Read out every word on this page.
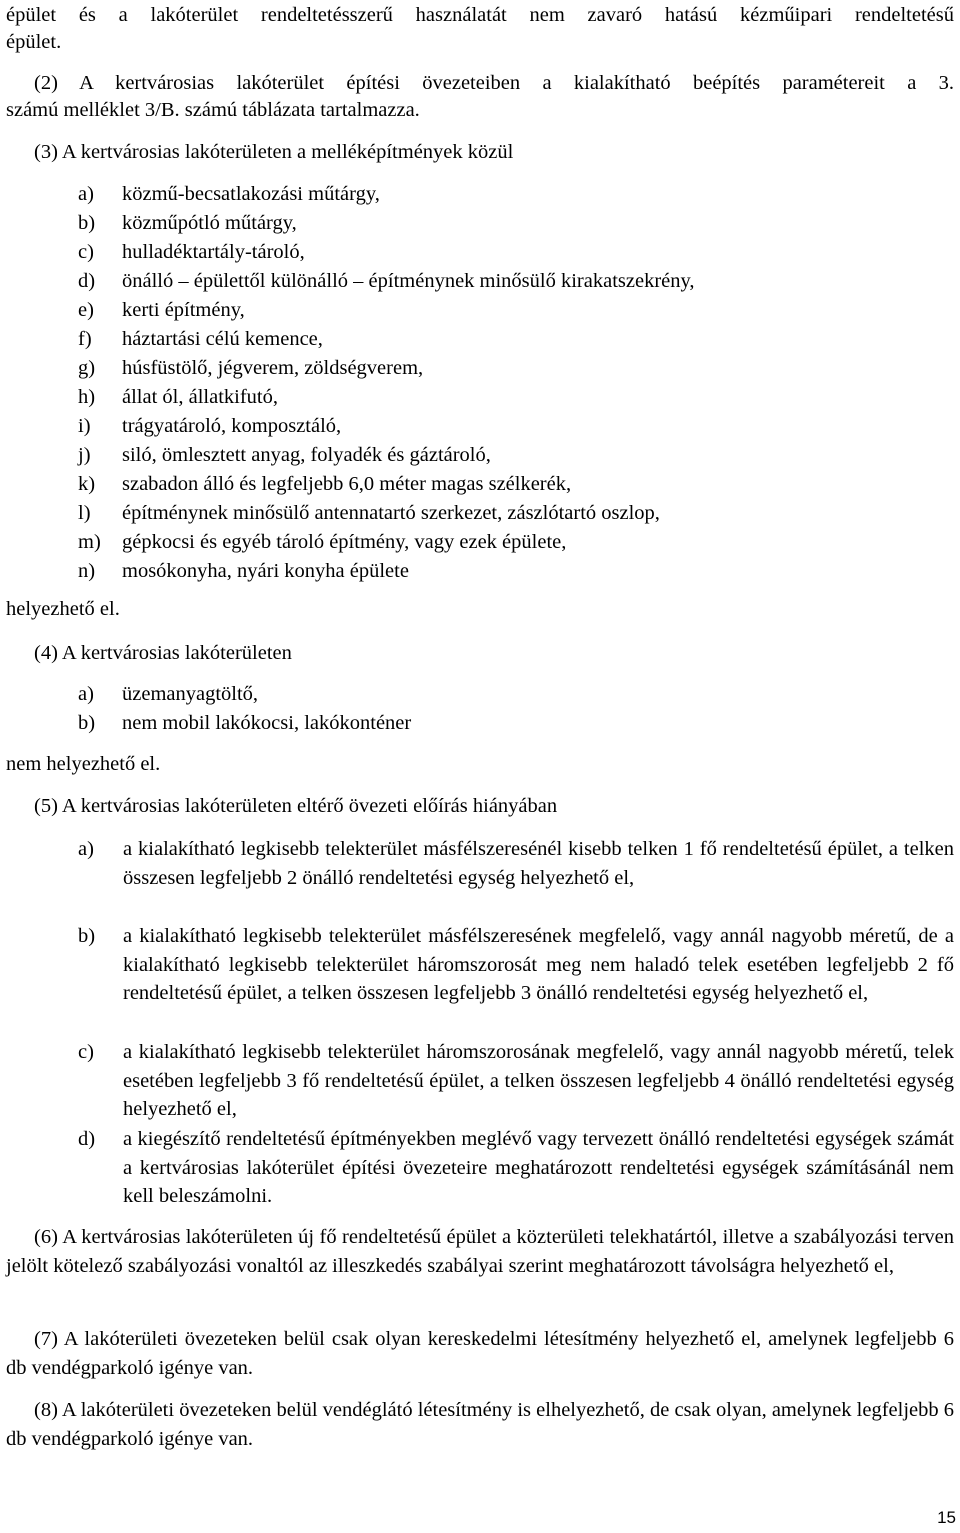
épület és a lakóterület rendeltetésszerű használatát nem zavaró hatású kézműipari rendeltetésű
épület.
(2) A kertvárosias lakóterület építési övezeteiben a kialakítható beépítés paramétereit a 3.
számú melléklet 3/B. számú táblázata tartalmazza.
(3) A kertvárosias lakóterületen a melléképítmények közül
a) közmű-becsatlakozási műtárgy,
b) közműpótló műtárgy,
c) hulladéktartály-tároló,
d) önálló – épülettől különálló – építménynek minősülő kirakatszekrény,
e) kerti építmény,
f) háztartási célú kemence,
g) húsfüstölő, jégverem, zöldségverem,
h) állat ól, állatkifutó,
i) trágyatároló, komposztáló,
j) siló, ömlesztett anyag, folyadék és gáztároló,
k) szabadon álló és legfeljebb 6,0 méter magas szélkerék,
l) építménynek minősülő antennatartó szerkezet, zászlótartó oszlop,
m) gépkocsi és egyéb tároló építmény, vagy ezek épülete,
n) mosókonyha, nyári konyha épülete
helyezhető el.
(4) A kertvárosias lakóterületen
a) üzemanyagtöltő,
b) nem mobil lakókocsi, lakókonténer
nem helyezhető el.
(5) A kertvárosias lakóterületen eltérő övezeti előírás hiányában
a) a kialakítható legkisebb telekterület másfélszeresénél kisebb telken 1 fő rendeltetésű épület, a telken összesen legfeljebb 2 önálló rendeltetési egység helyezhető el,
b) a kialakítható legkisebb telekterület másfélszeresének megfelelő, vagy annál nagyobb méretű, de a kialakítható legkisebb telekterület háromszorosát meg nem haladó telek esetében legfeljebb 2 fő rendeltetésű épület, a telken összesen legfeljebb 3 önálló rendeltetési egység helyezhető el,
c) a kialakítható legkisebb telekterület háromszorosának megfelelő, vagy annál nagyobb méretű, telek esetében legfeljebb 3 fő rendeltetésű épület, a telken összesen legfeljebb 4 önálló rendeltetési egység helyezhető el,
d) a kiegészítő rendeltetésű építményekben meglévő vagy tervezett önálló rendeltetési egységek számát a kertvárosias lakóterület építési övezeteire meghatározott rendeltetési egységek számításánál nem kell beleszámolni.
(6) A kertvárosias lakóterületen új fő rendeltetésű épület a közterületi telekhatártól, illetve a szabályozási terven jelölt kötelező szabályozási vonaltól az illeszkedés szabályai szerint meghatározott távolságra helyezhető el,
(7) A lakóterületi övezeteken belül csak olyan kereskedelmi létesítmény helyezhető el, amelynek legfeljebb 6 db vendégparkoló igénye van.
(8) A lakóterületi övezeteken belül vendéglátó létesítmény is elhelyezhető, de csak olyan, amelynek legfeljebb 6 db vendégparkoló igénye van.
15
